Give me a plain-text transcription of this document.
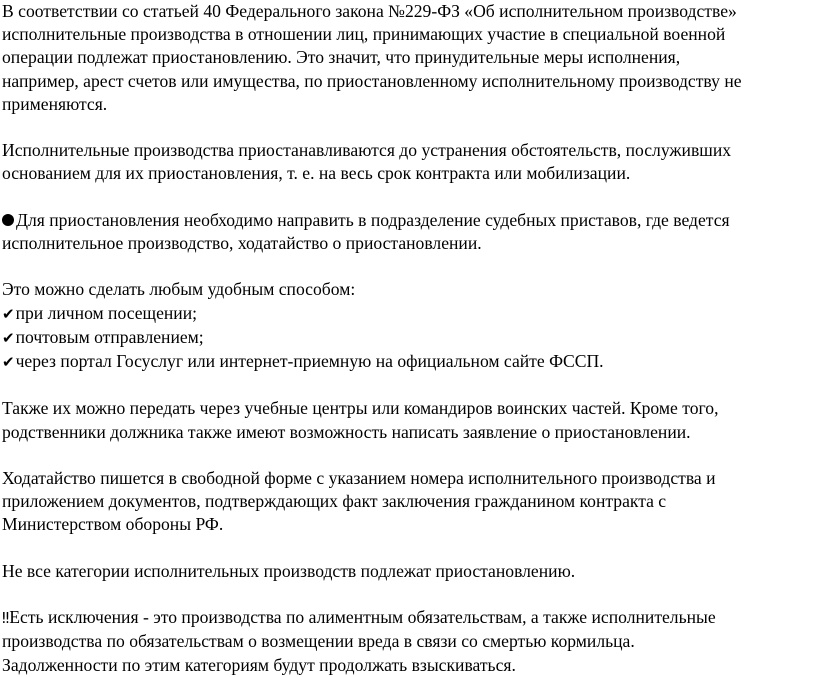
В соответствии со статьей 40 Федерального закона №229-ФЗ «Об исполнительном производстве»
исполнительные производства в отношении лиц, принимающих участие в специальной военной
операции подлежат приостановлению. Это значит, что принудительные меры исполнения,
например, арест счетов или имущества, по приостановленному исполнительному производству не
применяются.

Исполнительные производства приостанавливаются до устранения обстоятельств, послуживших
основанием для их приостановления, т. е. на весь срок контракта или мобилизации.

Для приостановления необходимо направить в подразделение судебных приставов, где ведется
исполнительное производство, ходатайство о приостановлении.

Это можно сделать любым удобным способом:
✔при личном посещении;
✔почтовым отправлением;
✔через портал Госуслуг или интернет-приемную на официальном сайте ФССП.

Также их можно передать через учебные центры или командиров воинских частей. Кроме того,
родственники должника также имеют возможность написать заявление о приостановлении.

Ходатайство пишется в свободной форме с указанием номера исполнительного производства и
приложением документов, подтверждающих факт заключения гражданином контракта с
Министерством обороны РФ.

Не все категории исполнительных производств подлежат приостановлению.

‼Есть исключения - это производства по алиментным обязательствам, а также исполнительные
производства по обязательствам о возмещении вреда в связи со смертью кормильца.
Задолженности по этим категориям будут продолжать взыскиваться.
